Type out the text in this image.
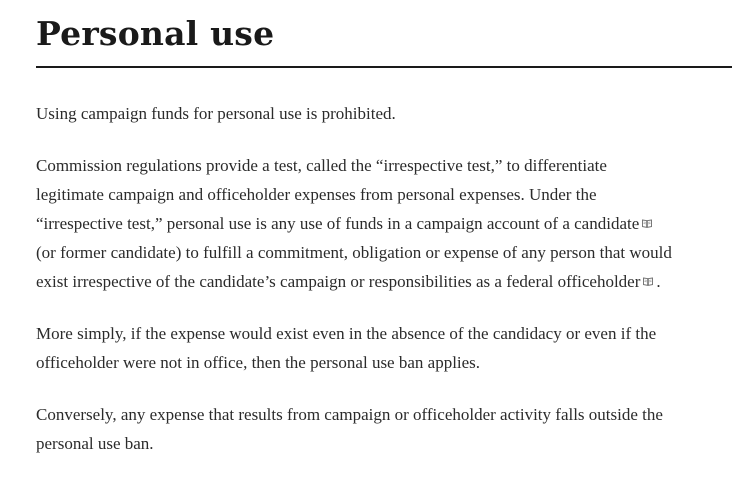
Personal use

Using campaign funds for personal use is prohibited.

Commission regulations provide a test, called the “irrespective test,” to differentiate legitimate campaign and officeholder expenses from personal expenses. Under the “irrespective test,” personal use is any use of funds in a campaign account of a candidate
(or former candidate) to fulfill a commitment, obligation or expense of any person that would exist irrespective of the candidate’s campaign or responsibilities as a federal officeholder .

More simply, if the expense would exist even in the absence of the candidacy or even if the officeholder were not in office, then the personal use ban applies.

Conversely, any expense that results from campaign or officeholder activity falls outside the personal use ban.
